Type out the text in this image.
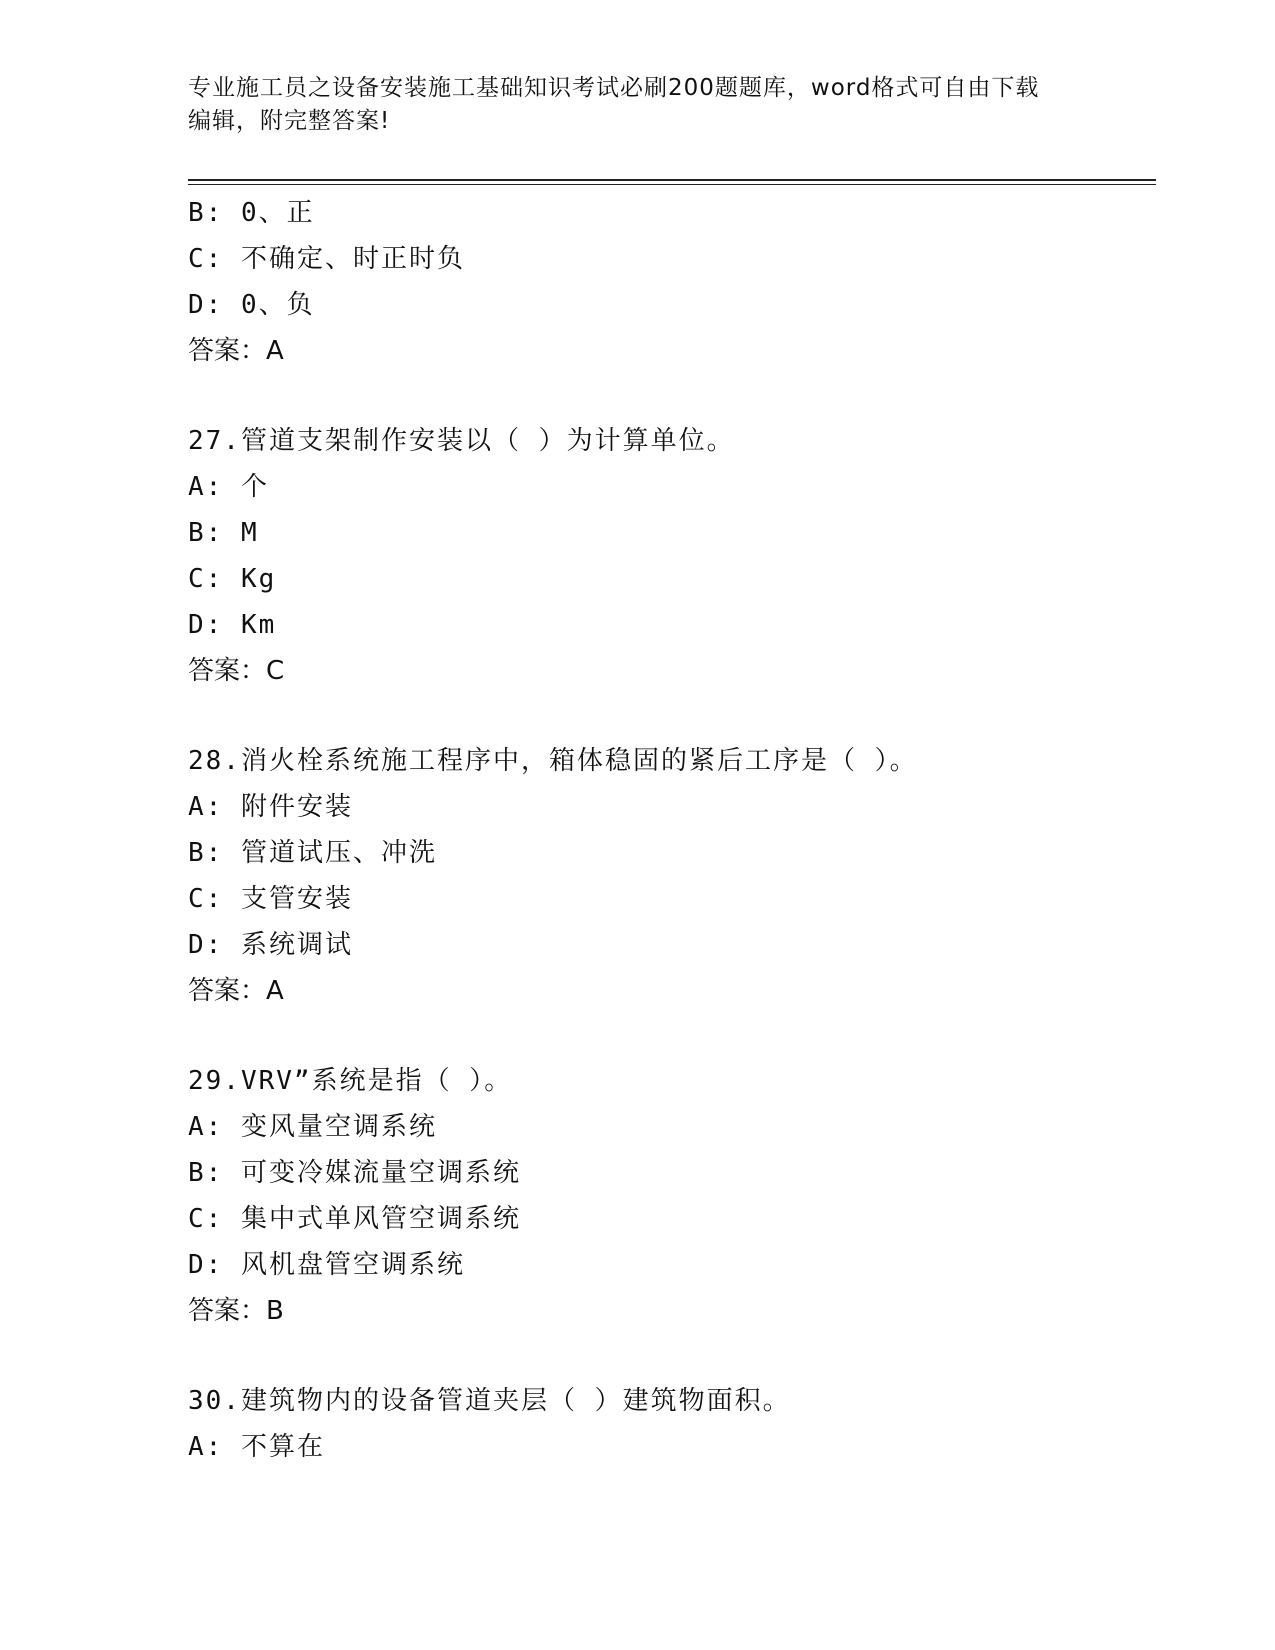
专业施工员之设备安装施工基础知识考试必刷200题题库，word格式可自由下载
编辑，附完整答案!
B: 0、正
C: 不确定、时正时负
D: 0、负
答案：A
27.管道支架制作安装以（ ）为计算单位。
A: 个
B: M
C: Kg
D: Km
答案：C
28.消火栓系统施工程序中，箱体稳固的紧后工序是（ ）。
A: 附件安装
B: 管道试压、冲洗
C: 支管安装
D: 系统调试
答案：A
29.VRV”系统是指（ ）。
A: 变风量空调系统
B: 可变冷媒流量空调系统
C: 集中式单风管空调系统
D: 风机盘管空调系统
答案：B
30.建筑物内的设备管道夹层（ ）建筑物面积。
A: 不算在
